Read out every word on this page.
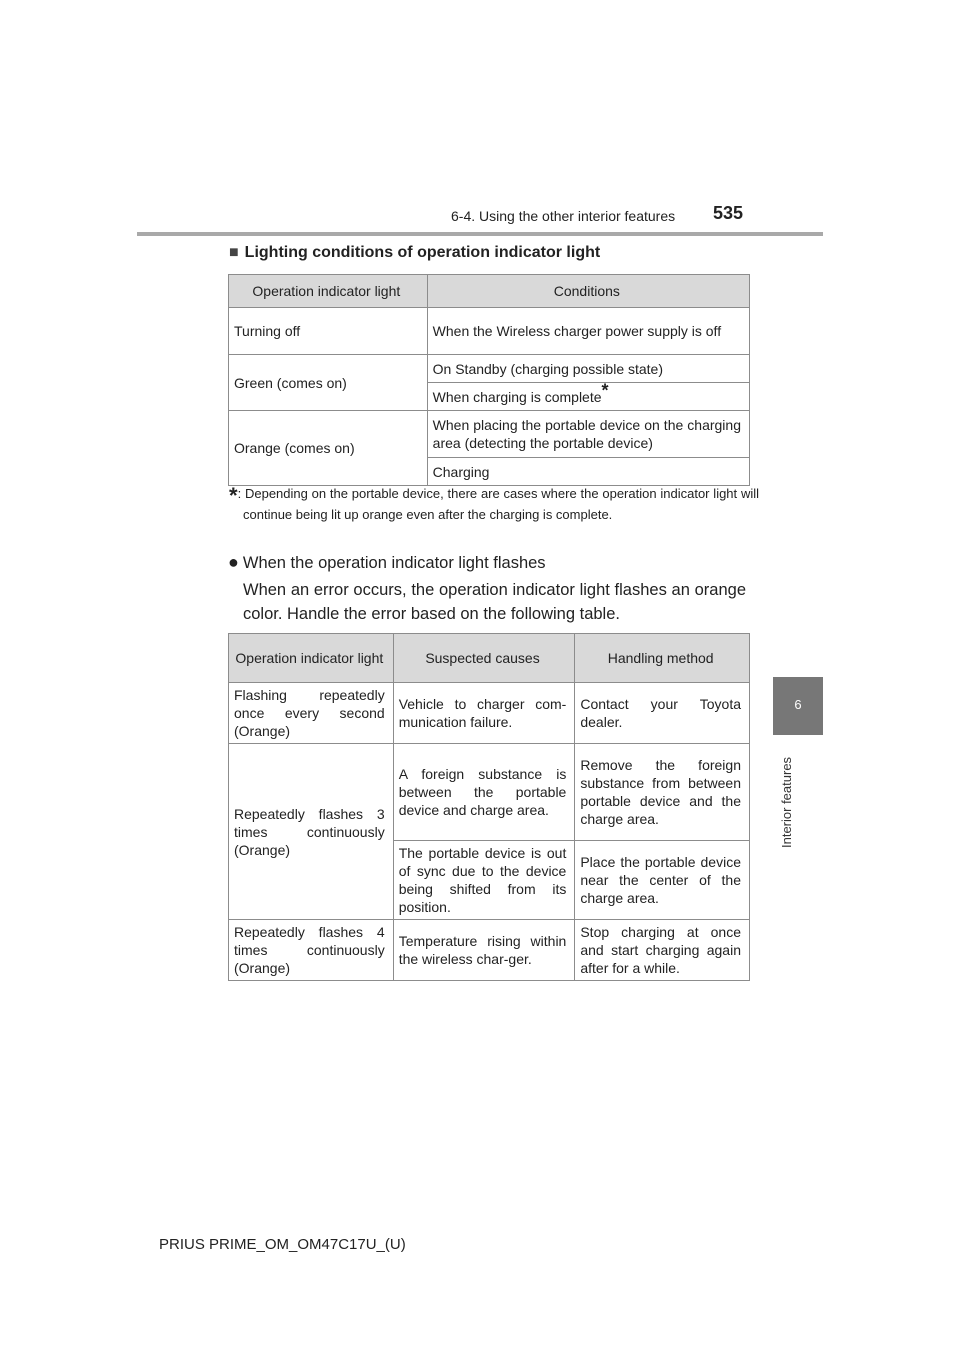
6-4. Using the other interior features 535
6
Interior features
■ Lighting conditions of operation indicator light
Operation indicator light	Conditions
Turning off	When the Wireless charger power supply is off
Green (comes on)	On Standby (charging possible state)
	When charging is complete*
Orange (comes on)	When placing the portable device on the charging area (detecting the portable device)
	Charging
*: Depending on the portable device, there are cases where the operation indicator light will continue being lit up orange even after the charging is complete.
● When the operation indicator light flashes
When an error occurs, the operation indicator light flashes an orange color. Handle the error based on the following table.
Operation indicator light	Suspected causes	Handling method
Flashing repeatedly once every second (Orange)	Vehicle to charger com-munication failure.	Contact your Toyota dealer.
Repeatedly flashes 3 times continuously (Orange)	A foreign substance is between the portable device and charge area.	Remove the foreign substance from between portable device and the charge area.
	The portable device is out of sync due to the device being shifted from its position.	Place the portable device near the center of the charge area.
Repeatedly flashes 4 times continuously (Orange)	Temperature rising within the wireless char-ger.	Stop charging at once and start charging again after for a while.
PRIUS PRIME_OM_OM47C17U_(U)
